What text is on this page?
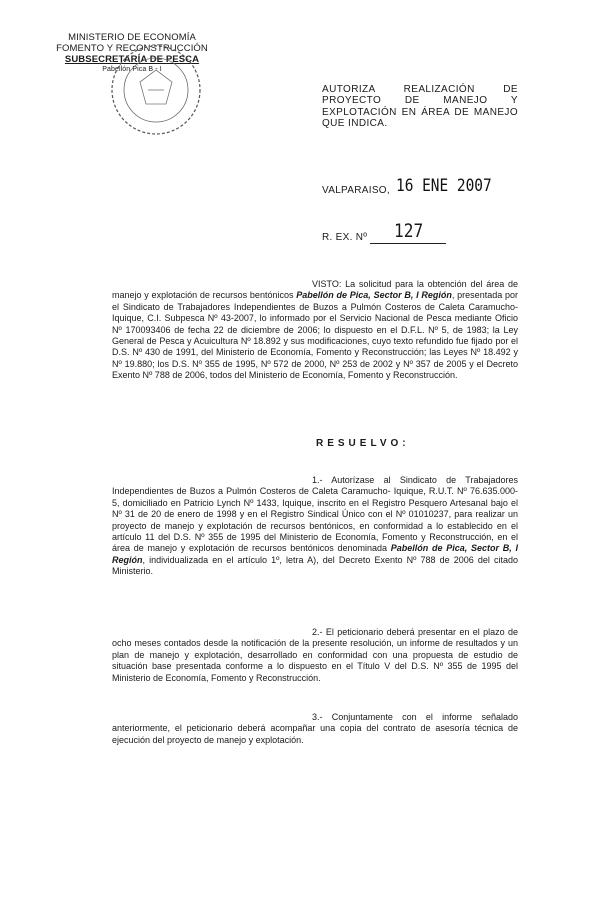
MINISTERIO DE ECONOMÍA
FOMENTO Y RECONSTRUCCIÓN
SUBSECRETARÍA DE PESCA
Pabellón Pica B - I
AUTORIZA REALIZACIÓN DE PROYECTO DE MANEJO Y EXPLOTACIÓN EN ÁREA DE MANEJO QUE INDICA.
VALPARAISO, 16 ENE 2007
R. EX. Nº 127
VISTO: La solicitud para la obtención del área de manejo y explotación de recursos bentónicos Pabellón de Pica, Sector B, I Región, presentada por el Sindicato de Trabajadores Independientes de Buzos a Pulmón Costeros de Caleta Caramucho- Iquique, C.I. Subpesca Nº 43-2007, lo informado por el Servicio Nacional de Pesca mediante Oficio Nº 170093406 de fecha 22 de diciembre de 2006; lo dispuesto en el D.F.L. Nº 5, de 1983; la Ley General de Pesca y Acuicultura Nº 18.892 y sus modificaciones, cuyo texto refundido fue fijado por el D.S. Nº 430 de 1991, del Ministerio de Economía, Fomento y Reconstrucción; las Leyes Nº 18.492 y Nº 19.880; los D.S. Nº 355 de 1995, Nº 572 de 2000, Nº 253 de 2002 y Nº 357 de 2005 y el Decreto Exento Nº 788 de 2006, todos del Ministerio de Economía, Fomento y Reconstrucción.
RESUELVO:
1.- Autorízase al Sindicato de Trabajadores Independientes de Buzos a Pulmón Costeros de Caleta Caramucho- Iquique, R.U.T. Nº 76.635.000-5, domiciliado en Patricio Lynch Nº 1433, Iquique, inscrito en el Registro Pesquero Artesanal bajo el Nº 31 de 20 de enero de 1998 y en el Registro Sindical Único con el Nº 01010237, para realizar un proyecto de manejo y explotación de recursos bentónicos, en conformidad a lo establecido en el artículo 11 del D.S. Nº 355 de 1995 del Ministerio de Economía, Fomento y Reconstrucción, en el área de manejo y explotación de recursos bentónicos denominada Pabellón de Pica, Sector B, I Región, individualizada en el artículo 1º, letra A), del Decreto Exento Nº 788 de 2006 del citado Ministerio.
2.- El peticionario deberá presentar en el plazo de ocho meses contados desde la notificación de la presente resolución, un informe de resultados y un plan de manejo y explotación, desarrollado en conformidad con una propuesta de estudio de situación base presentada conforme a lo dispuesto en el Título V del D.S. Nº 355 de 1995 del Ministerio de Economía, Fomento y Reconstrucción.
3.- Conjuntamente con el informe señalado anteriormente, el peticionario deberá acompañar una copia del contrato de asesoría técnica de ejecución del proyecto de manejo y explotación.
